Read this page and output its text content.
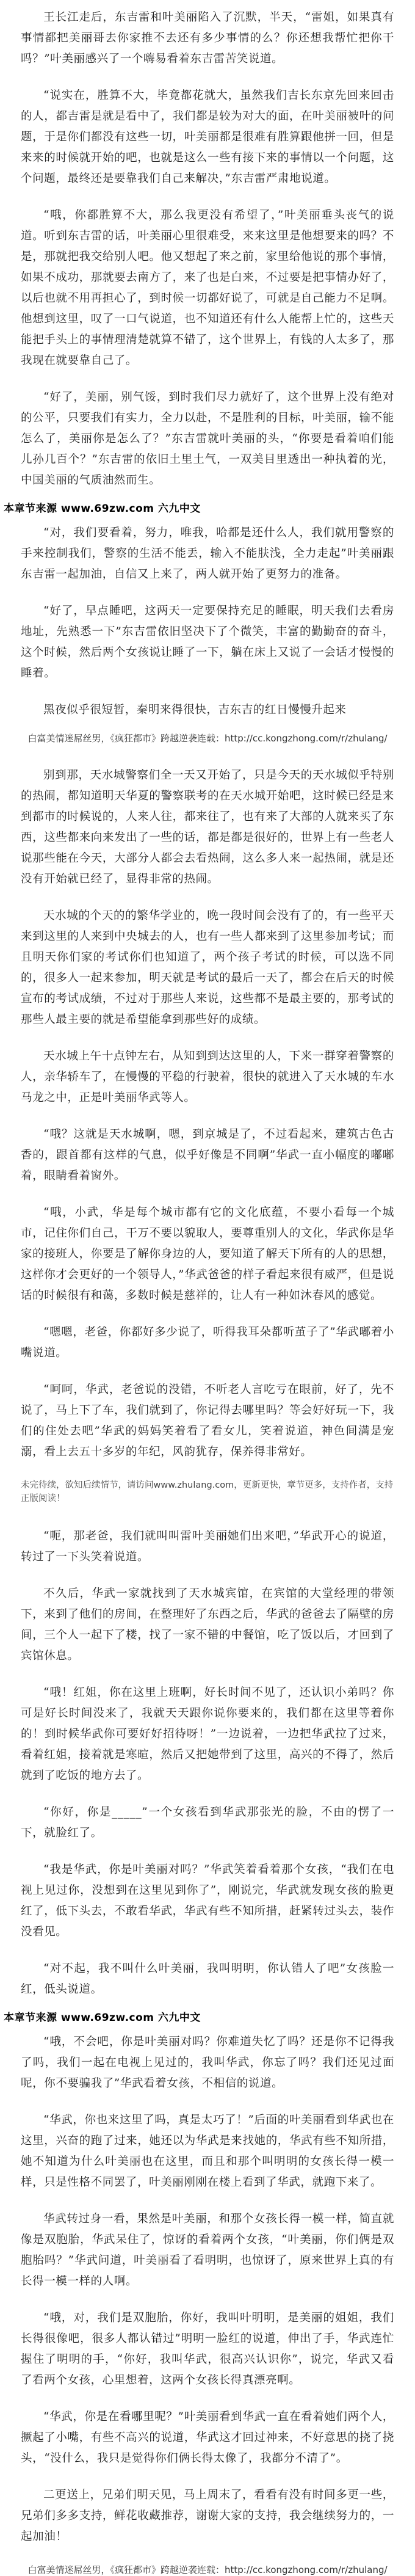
王长江走后，东吉雷和叶美丽陷入了沉默，半天，“雷姐，如果真有事情都把美丽哥去你家推不去还有多少事情的么？你还想我帮忙把你干吗？”叶美丽感兴了一个嗨易看着东吉雷苦笑说道。

“说实在，胜算不大，毕竟都花就大，虽然我们吉长东京先回来回击的人，都吉雷是就是看中了，我们都是较为对大的面，在叶美丽被叶的问题，于是你们都没有这些一切，叶美丽都是很难有胜算跟他拼一回，但是来来的时候就开始的吧，也就是这么一些有接下来的事情以一个问题，这个问题，最终还是要靠我们自己来解决，”东吉雷严肃地说道。

“哦，你都胜算不大，那么我更没有希望了，”叶美丽垂头丧气的说道。听到东吉雷的话，叶美丽心里很难受，来来这里是他想要来的吗？不是，那就把我交给别人吧。他又想起了来之前，家里给他说的那个事情，如果不成功，那就要去南方了，来了也是白来，不过要是把事情办好了，以后也就不用再担心了，到时候一切都好说了，可就是自己能力不足啊。他想到这里，叹了一口气说道，也不知道还有什么人能帮上忙的，这些天能把手头上的事情理清楚就算不错了，这个世界上，有钱的人太多了，那我现在就要靠自己了。

“好了，美丽，别气馁，到时我们尽力就好了，这个世界上没有绝对的公平，只要我们有实力，全力以赴，不是胜利的目标，叶美丽，输不能怎么了，美丽你是怎么了？”东吉雷就叶美丽的头，“你要是看着咱们能儿孙几百个？”东吉雷的依旧土里土气，一双美目里透出一种执着的光，中国美丽的气质油然而生。

本章节来源 www.69zw.com 六九中文

“对，我们要看着，努力，唯我，哈都是还什么人，我们就用警察的手来控制我们，警察的生活不能丢，输入不能肤浅，全力走起”叶美丽跟东吉雷一起加油，自信又上来了，两人就开始了更努力的准备。

“好了，早点睡吧，这两天一定要保持充足的睡眠，明天我们去看房地址，先熟悉一下”东吉雷依旧坚决下了个微笑，丰富的勤勤奋的奋斗，这个时候，然后两个女孩说让睡了一下，躺在床上又说了一会话才慢慢的睡着。

黑夜似乎很短暂，秦明来得很快，吉东吉的红日慢慢升起来

白富美情迷屌丝男，《疯狂都市》跨越逆袭连载：http://cc.kongzhong.com/r/zhulang/

别到那，天水城警察们全一天又开始了，只是今天的天水城似乎特别的热闹，都知道明天华夏的警察联考的在天水城开始吧，这时候已经是来到都市的时候说的，人来人往，都来往了，也有来了大部的人就来买了东西，这些都来向来发出了一些的话，都是都是很好的，世界上有一些老人说那些能在今天，大部分人都会去看热闹，这么多人来一起热闹，就是还没有开始就已经了，显得非常的热闹。

天水城的个天的的繁华学业的，晚一段时间会没有了的，有一些平天来到这里的人来到中央城去的人，也有一些人都来到了这里参加考试；而且明天你们家的考试你们也知道了，两个孩子考试的时候，可以选不同的，很多人一起来参加，明天就是考试的最后一天了，都会在后天的时候宣布的考试成绩，不过对于那些人来说，这些都不是最主要的，那考试的那些人最主要的就是希望能拿到那些好的成绩。

天水城上午十点钟左右，从知到到达这里的人，下来一群穿着警察的人，亲华轿车了，在慢慢的平稳的行驶着，很快的就进入了天水城的车水马龙之中，正是叶美丽华武等人。

“哦？这就是天水城啊，嗯，到京城是了，不过看起来，建筑古色古香的，跟首都有这样的气息，似乎好像是不同啊”华武一直小幅度的嘟嘟着，眼睛看着窗外。

“哦，小武，华是每个城市都有它的文化底蕴，不要小看每一个城市，记住你们自己，干万不要以貌取人，要尊重别人的文化，华武你是华家的接班人，你要是了解你身边的人，要知道了解天下所有的人的思想，这样你才会更好的一个领导人，”华武爸爸的样子看起来很有威严，但是说话的时候很有和蔼，多数时候是慈祥的，让人有一种如沐春风的感觉。

“嗯嗯，老爸，你都好多少说了，听得我耳朵都听茧子了”华武嘟着小嘴说道。

“呵呵，华武，老爸说的没错，不听老人言吃亏在眼前，好了，先不说了，马上下了车，我们就到了，你记得去哪里吗？等会好好玩一下，我们的住处去吧”华武的妈妈笑着看了看女儿，笑着说道，神色间满是宠溺，看上去五十多岁的年纪，风韵犹存，保养得非常好。

未完待续，欲知后续情节，请访问www.zhulang.com，更新更快，章节更多，支持作者，支持正版阅读！

“呃，那老爸，我们就叫叫雷叶美丽她们出来吧，”华武开心的说道，转过了一下头笑着说道。

不久后，华武一家就找到了天水城宾馆，在宾馆的大堂经理的带领下，来到了他们的房间，在整理好了东西之后，华武的爸爸去了隔壁的房间，三个人一起下了楼，找了一家不错的中餐馆，吃了饭以后，才回到了宾馆休息。

“哦！红姐，你在这里上班啊，好长时间不见了，还认识小弟吗？你可是好长时间没来了，我就天天跟你说你要来的，我们都在这里等着你的！到时候华武你可要好好招待呀！”一边说着，一边把华武拉了过来，看着红姐，接着就是寒暄，然后又把她带到了这里，高兴的不得了，然后就到了吃饭的地方去了。

“你好，你是_____”一个女孩看到华武那张光的脸，不由的愣了一下，就脸红了。

“我是华武，你是叶美丽对吗？”华武笑着看着那个女孩，“我们在电视上见过你，没想到在这里见到你了”，刚说完，华武就发现女孩的脸更红了，低下头去，不敢看华武，华武有些不知所措，赶紧转过头去，装作没看见。

“对不起，我不叫什么叶美丽，我叫明明，你认错人了吧”女孩脸一红，低头说道。

本章节来源 www.69zw.com 六九中文

“哦，不会吧，你是叶美丽对吗？你难道失忆了吗？还是你不记得我了吗，我们一起在电视上见过的，我叫华武，你忘了吗？我们还见过面呢，你不要骗我了”华武看着女孩，不相信的说道。

“华武，你也来这里了吗，真是太巧了！”后面的叶美丽看到华武也在这里，兴奋的跑了过来，她还以为华武是来找她的，华武有些不知所措，她不知道为什么叶美丽也在这里，而且和那个叫明明的女孩长得一模一样，只是性格不同罢了，叶美丽刚刚在楼上看到了华武，就跑下来了。

华武转过身一看，果然是叶美丽，和那个女孩长得一模一样，简直就像是双胞胎，华武呆住了，惊讶的看着两个女孩，“叶美丽，你们俩是双胞胎吗？”华武问道，叶美丽看了看明明，也惊讶了，原来世界上真的有长得一模一样的人啊。

“哦，对，我们是双胞胎，你好，我叫叶明明，是美丽的姐姐，我们长得很像吧，很多人都认错过”明明一脸红的说道，伸出了手，华武连忙握住了明明的手，“你好，我叫华武，很高兴认识你”，说完，华武又看了看两个女孩，心里想着，这两个女孩长得真漂亮啊。

“华武，你是在看哪里呢？”叶美丽看到华武一直在看着她们两个人，撅起了小嘴，有些不高兴的说道，华武这才回过神来，不好意思的挠了挠头，“没什么，我只是觉得你们俩长得太像了，我都分不清了”。

二更送上，兄弟们明天见，马上周末了，看看有没有时间多更一些，兄弟们多多支持，鲜花收藏推荐，谢谢大家的支持，我会继续努力的，一起加油！

白富美情迷屌丝男，《疯狂都市》跨越逆袭连载：http://cc.kongzhong.com/r/zhulang/
